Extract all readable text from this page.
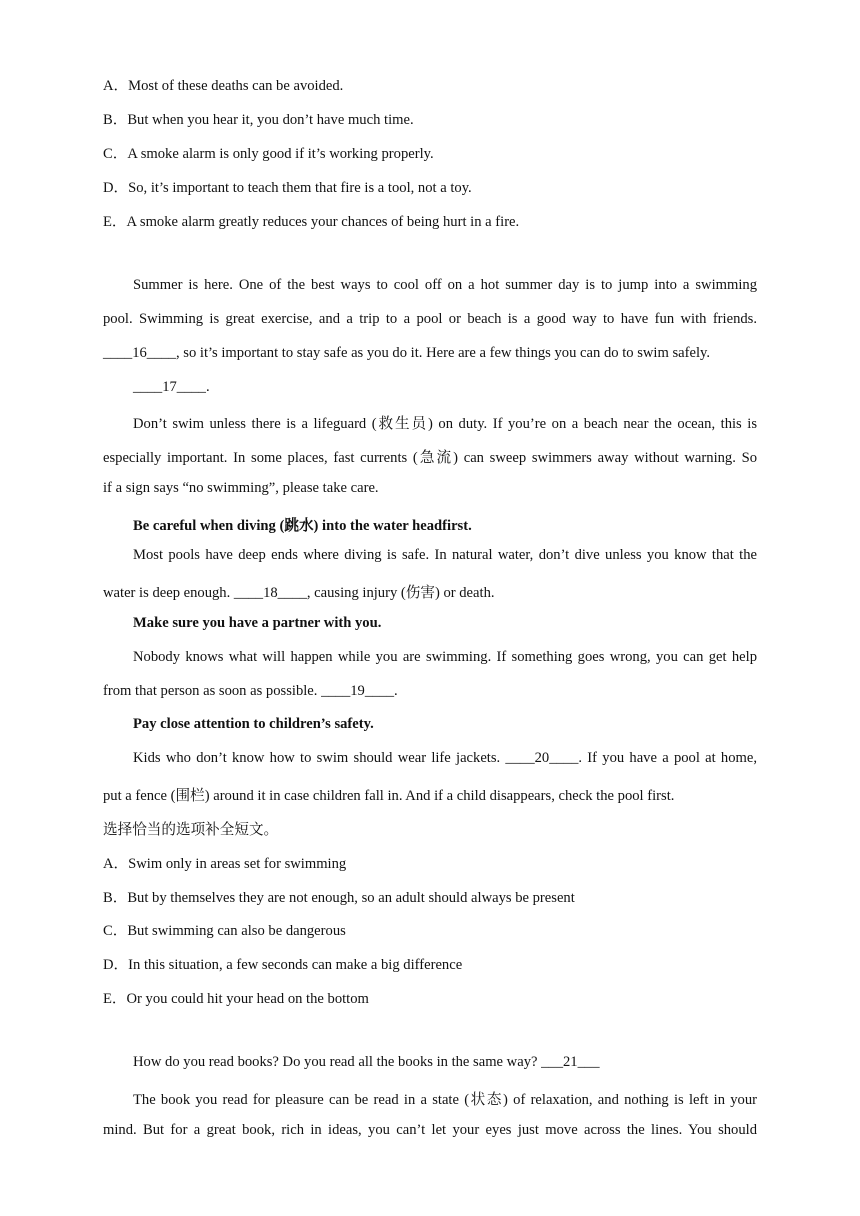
A．Most of these deaths can be avoided.
B．But when you hear it, you don’t have much time.
C．A smoke alarm is only good if it’s working properly.
D．So, it’s important to teach them that fire is a tool, not a toy.
E．A smoke alarm greatly reduces your chances of being hurt in a fire.
Summer is here. One of the best ways to cool off on a hot summer day is to jump into a swimming
pool. Swimming is great exercise, and a trip to a pool or beach is a good way to have fun with friends.
____16____, so it’s important to stay safe as you do it. Here are a few things you can do to swim safely.
____17____.
Don’t swim unless there is a lifeguard (救生员) on duty. If you’re on a beach near the ocean, this is
especially important. In some places, fast currents (急流) can sweep swimmers away without warning. So
if a sign says “no swimming”, please take care.
Be careful when diving (跳水) into the water headfirst.
Most pools have deep ends where diving is safe. In natural water, don’t dive unless you know that the
water is deep enough. ____18____, causing injury (伤害) or death.
Make sure you have a partner with you.
Nobody knows what will happen while you are swimming. If something goes wrong, you can get help
from that person as soon as possible. ____19____.
Pay close attention to children’s safety.
Kids who don’t know how to swim should wear life jackets. ____20____. If you have a pool at home,
put a fence (围栏) around it in case children fall in. And if a child disappears, check the pool first.
选择恰当的选项补全短文。
A．Swim only in areas set for swimming
B．But by themselves they are not enough, so an adult should always be present
C．But swimming can also be dangerous
D．In this situation, a few seconds can make a big difference
E．Or you could hit your head on the bottom
How do you read books? Do you read all the books in the same way? ___21___
The book you read for pleasure can be read in a state (状态) of relaxation, and nothing is left in your
mind. But for a great book, rich in ideas, you can’t let your eyes just move across the lines. You should
